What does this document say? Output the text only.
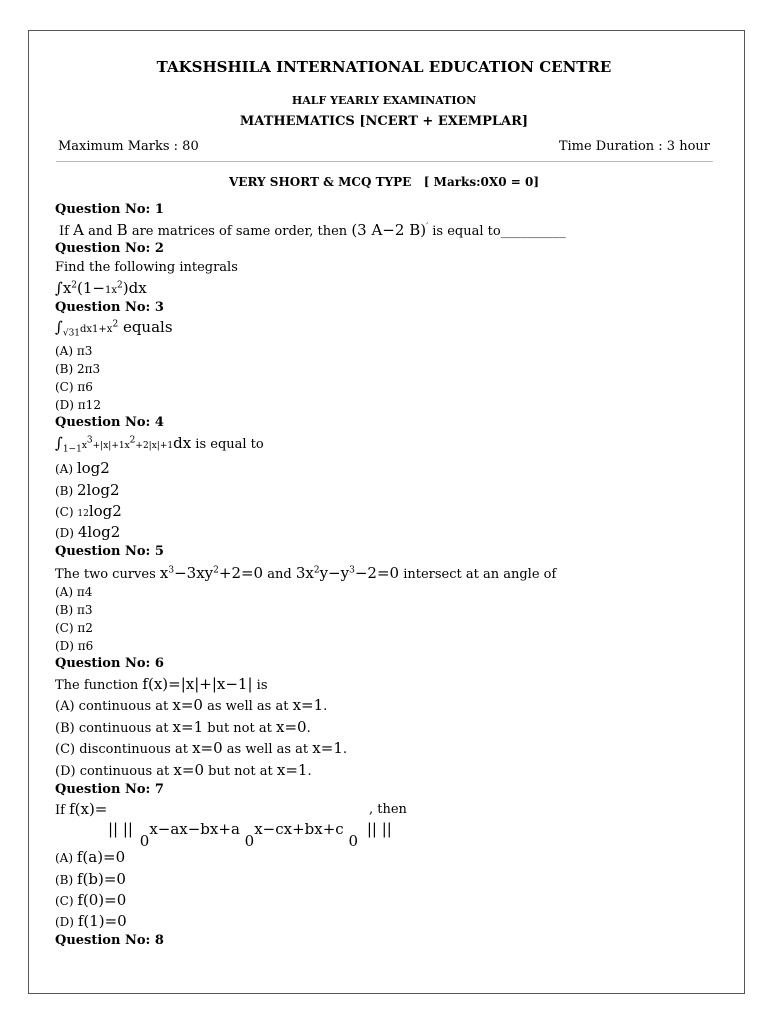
TAKSHSHILA INTERNATIONAL EDUCATION CENTRE
HALF YEARLY EXAMINATION
MATHEMATICS [NCERT + EXEMPLAR]
Maximum Marks : 80	Time Duration : 3 hour
VERY SHORT & MCQ TYPE   [ Marks:0X0 = 0]
Question No: 1
If A and B are matrices of same order, then (3 A−2 B)′ is equal to__________
Question No: 2
Find the following integrals
$\int x^2(1-1x^2)dx$
Question No: 3
$\int_{√31}dx1+x^2$ equals
(A) π3
(B) 2π3
(C) π6
(D) π12
Question No: 4
$\int_{1-1}x^3+|x|+1x^2+2|x|+1dx$ is equal to
(A) log2
(B) 2log2
(C) 12log2
(D) 4log2
Question No: 5
The two curves $x^3-3xy^2+2=0$ and $3x^2y-y^3-2=0$ intersect at an angle of
(A) π4
(B) π3
(C) π2
(D) π6
Question No: 6
The function f(x)=|x|+|x−1| is
(A) continuous at x=0 as well as at x=1.
(B) continuous at x=1 but not at x=0.
(C) discontinuous at x=0 as well as at x=1.
(D) continuous at x=0 but not at x=1.
Question No: 7
If f(x)=	, then
|| || 0x−ax−bx+a 0x−cx+bx+c 0 || ||
(A) f(a)=0
(B) f(b)=0
(C) f(0)=0
(D) f(1)=0
Question No: 8
